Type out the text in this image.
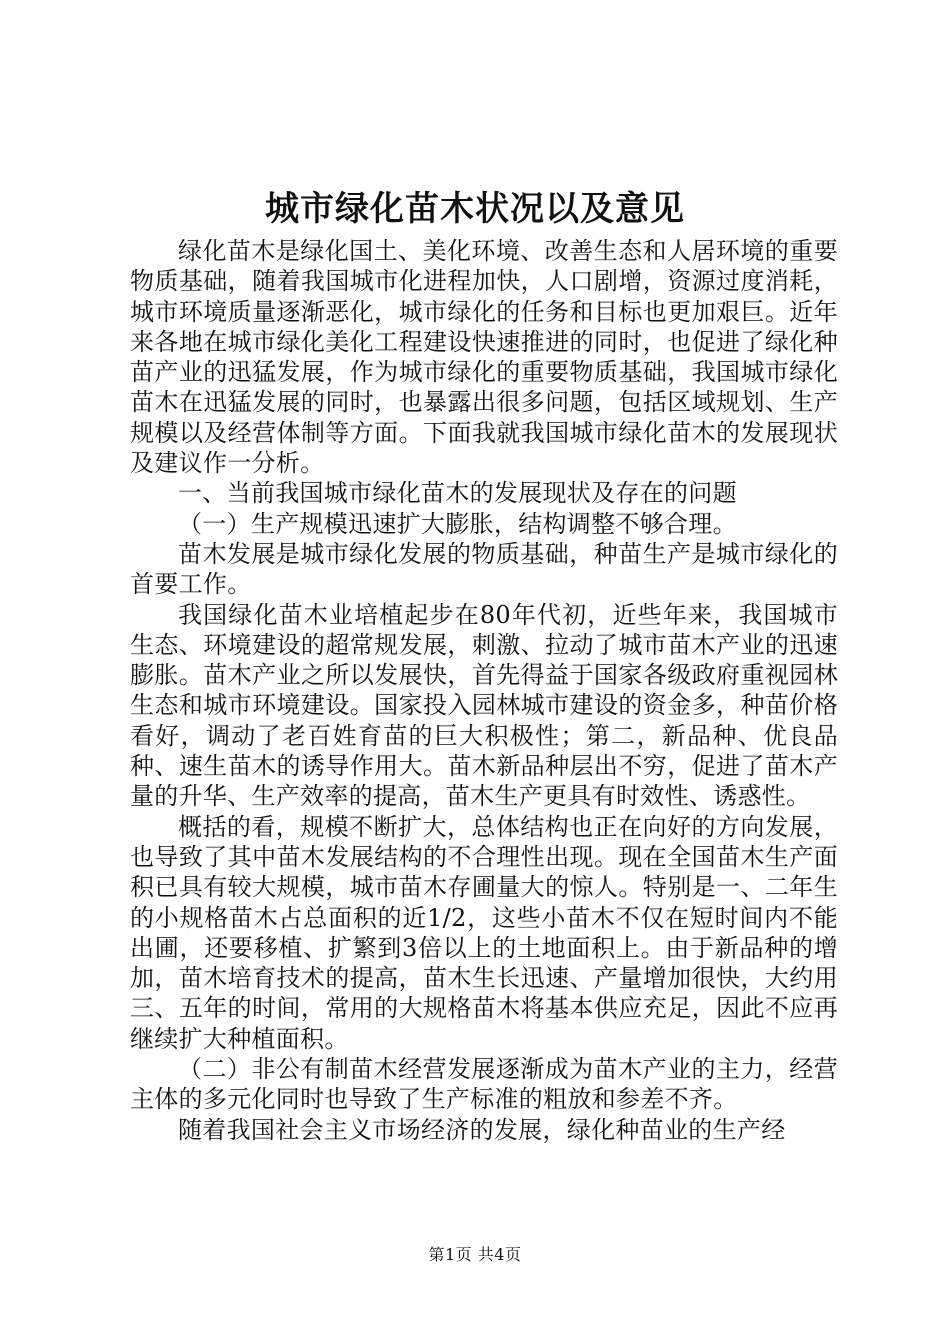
城市绿化苗木状况以及意见

绿化苗木是绿化国土、美化环境、改善生态和人居环境的重要物质基础，随着我国城市化进程加快，人口剧增，资源过度消耗，城市环境质量逐渐恶化，城市绿化的任务和目标也更加艰巨。近年来各地在城市绿化美化工程建设快速推进的同时，也促进了绿化种苗产业的迅猛发展，作为城市绿化的重要物质基础，我国城市绿化苗木在迅猛发展的同时，也暴露出很多问题，包括区域规划、生产规模以及经营体制等方面。下面我就我国城市绿化苗木的发展现状及建议作一分析。

一、当前我国城市绿化苗木的发展现状及存在的问题

（一）生产规模迅速扩大膨胀，结构调整不够合理。

苗木发展是城市绿化发展的物质基础，种苗生产是城市绿化的首要工作。

我国绿化苗木业培植起步在80年代初，近些年来，我国城市生态、环境建设的超常规发展，刺激、拉动了城市苗木产业的迅速膨胀。苗木产业之所以发展快，首先得益于国家各级政府重视园林生态和城市环境建设。国家投入园林城市建设的资金多，种苗价格看好，调动了老百姓育苗的巨大积极性；第二，新品种、优良品种、速生苗木的诱导作用大。苗木新品种层出不穷，促进了苗木产量的升华、生产效率的提高，苗木生产更具有时效性、诱惑性。

概括的看，规模不断扩大，总体结构也正在向好的方向发展，也导致了其中苗木发展结构的不合理性出现。现在全国苗木生产面积已具有较大规模，城市苗木存圃量大的惊人。特别是一、二年生的小规格苗木占总面积的近1/2，这些小苗木不仅在短时间内不能出圃，还要移植、扩繁到3倍以上的土地面积上。由于新品种的增加，苗木培育技术的提高，苗木生长迅速、产量增加很快，大约用三、五年的时间，常用的大规格苗木将基本供应充足，因此不应再继续扩大种植面积。

（二）非公有制苗木经营发展逐渐成为苗木产业的主力，经营主体的多元化同时也导致了生产标准的粗放和参差不齐。

随着我国社会主义市场经济的发展，绿化种苗业的生产经

第1页 共4页
